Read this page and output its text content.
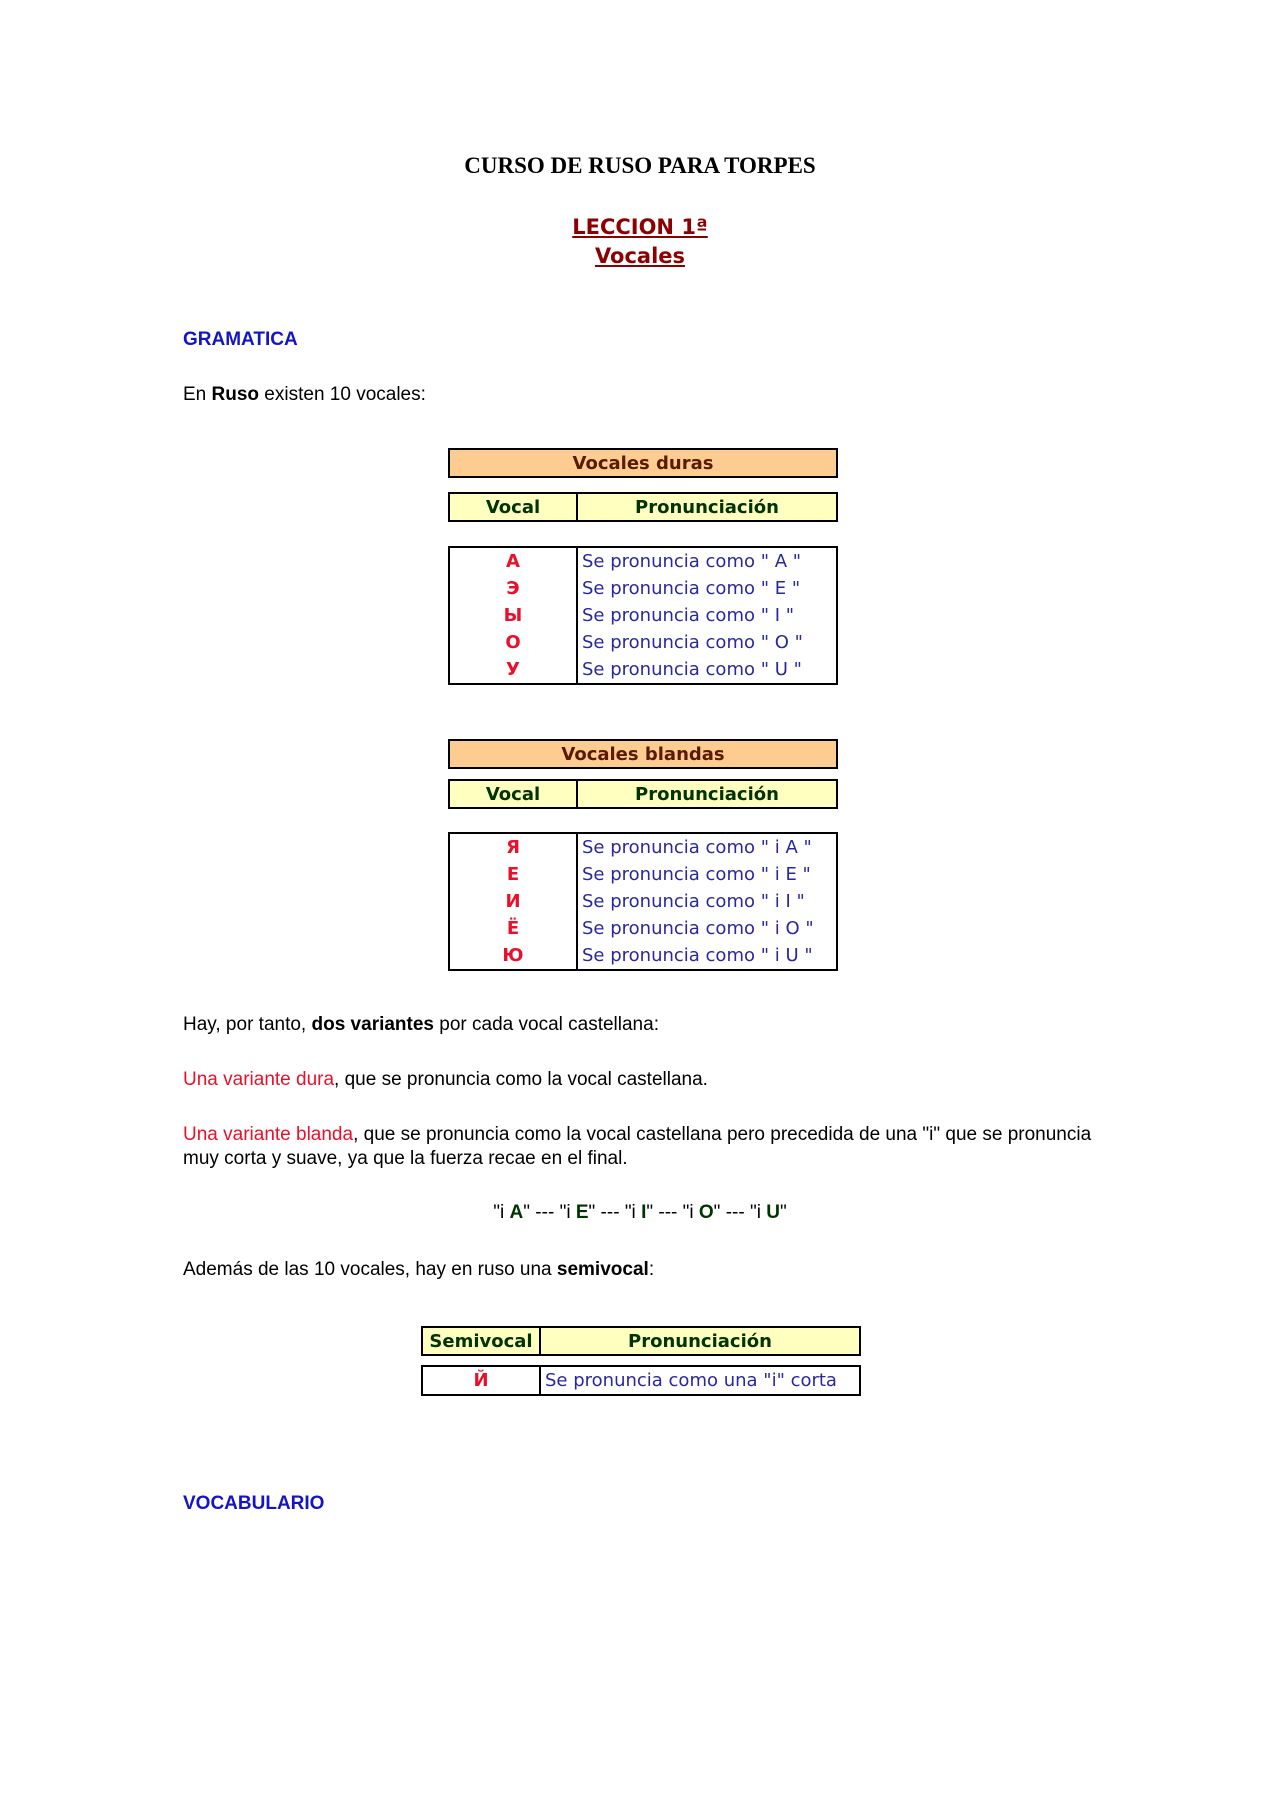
CURSO DE RUSO PARA TORPES
LECCION 1ª
Vocales
GRAMATICA
En Ruso existen 10 vocales:
Vocales duras
Vocal	Pronunciación
А	Se pronuncia como " A "
Э	Se pronuncia como " E "
Ы	Se pronuncia como " I "
О	Se pronuncia como " O "
У	Se pronuncia como " U "
Vocales blandas
Vocal	Pronunciación
Я	Se pronuncia como " i A "
Е	Se pronuncia como " i E "
И	Se pronuncia como " i I "
Ё	Se pronuncia como " i O "
Ю	Se pronuncia como " i U "
Hay, por tanto, dos variantes por cada vocal castellana:
Una variante dura, que se pronuncia como la vocal castellana.
Una variante blanda, que se pronuncia como la vocal castellana pero precedida de una "i" que se pronuncia muy corta y suave, ya que la fuerza recae en el final.
"i A" --- "i E" --- "i I" --- "i O" --- "i U"
Además de las 10 vocales, hay en ruso una semivocal:
Semivocal	Pronunciación
Й	Se pronuncia como una "i" corta
VOCABULARIO
